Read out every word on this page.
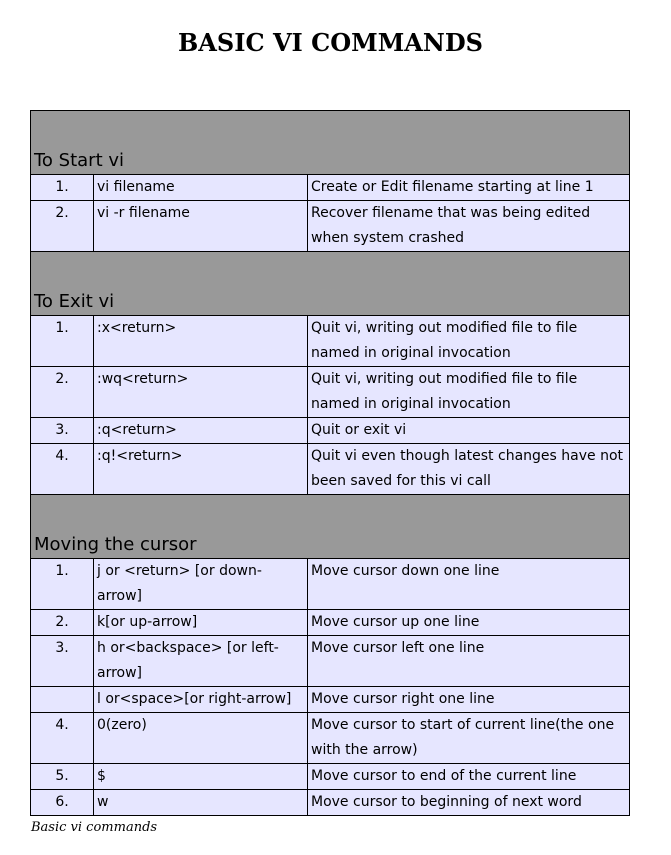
BASIC VI COMMANDS
To Start vi		
1.	vi filename	Create or Edit filename starting at line 1
2.	vi -r filename	Recover filename that was being edited when system crashed
To Exit vi		
1.	:x<return>	Quit vi, writing out modified file to file named in original invocation
2.	:wq<return>	Quit vi, writing out modified file to file named in original invocation
3.	:q<return>	Quit or exit vi
4.	:q!<return>	Quit vi even though latest changes have not been saved for this vi call
Moving the cursor		
1.	j or <return> [or down-arrow]	Move cursor down one line
2.	k[or up-arrow]	Move cursor up one line
3.	h or<backspace> [or left-arrow]	Move cursor left one line
	l or<space>[or right-arrow]	Move cursor right one line
4.	0(zero)	Move cursor to start of current line(the one with the arrow)
5.	$	Move cursor to end of the current line
6.	w	Move cursor to beginning of next word
Basic vi commands
